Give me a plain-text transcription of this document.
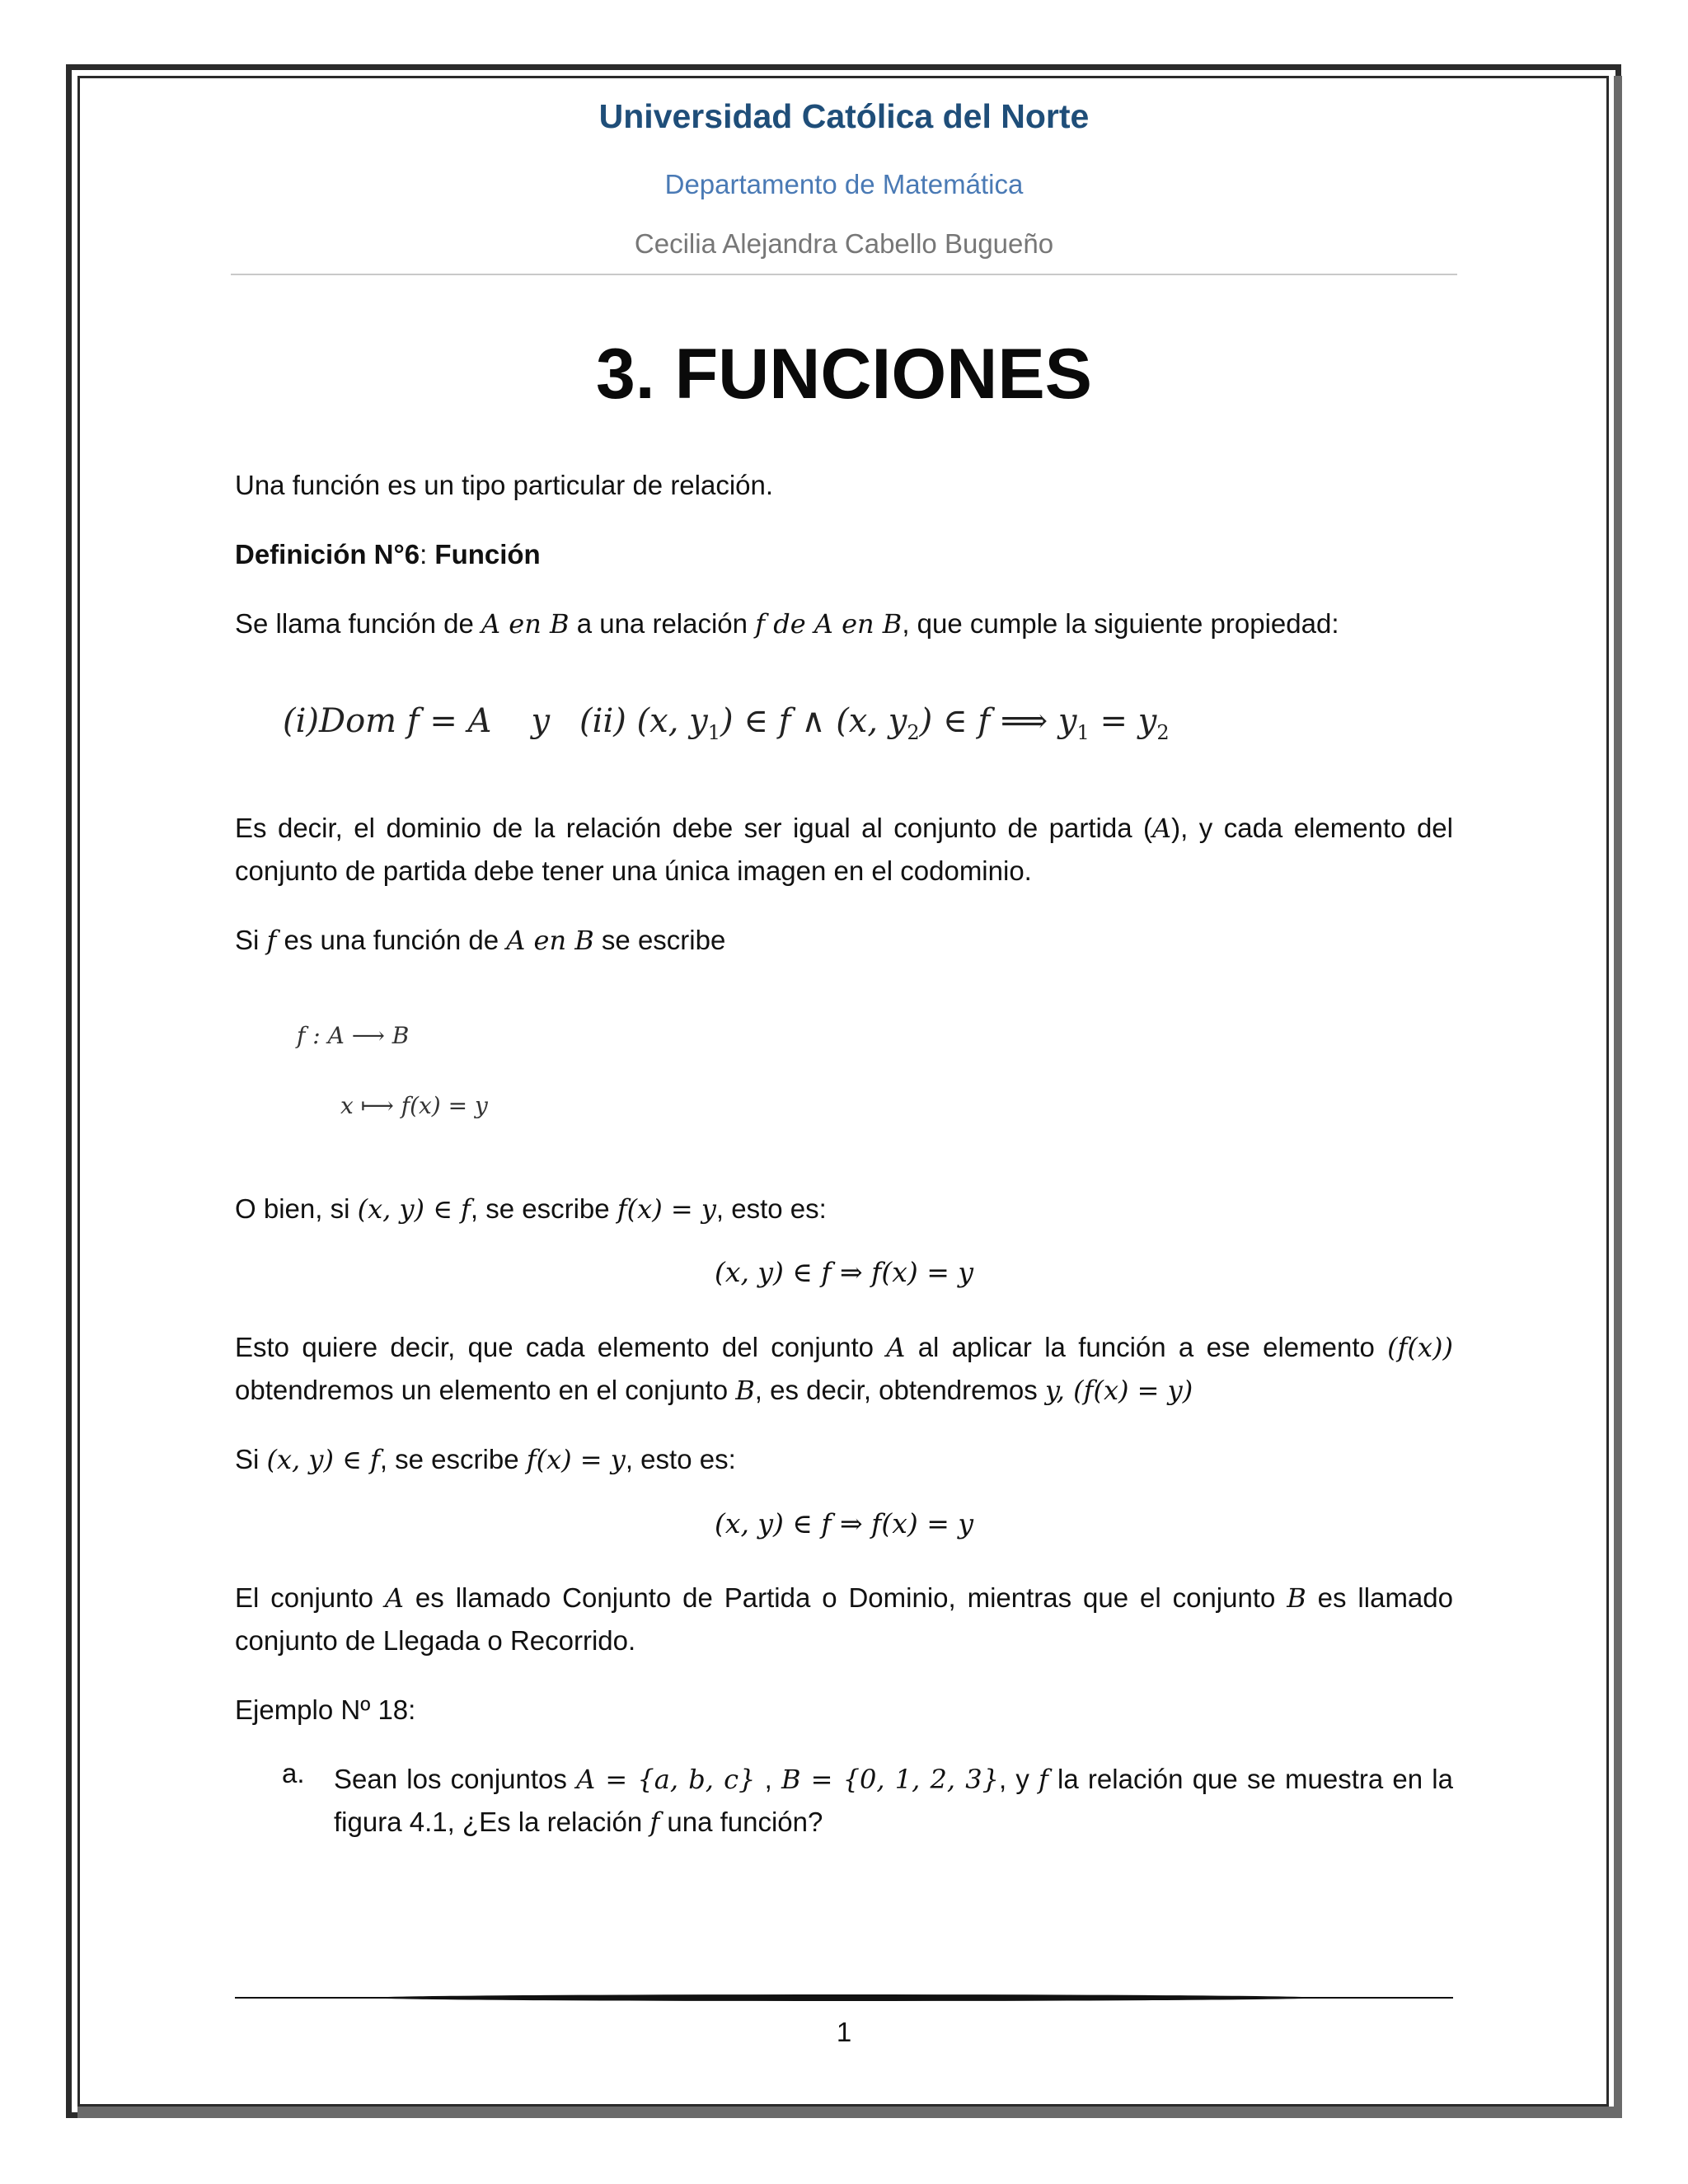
Universidad Católica del Norte
Departamento de Matemática
Cecilia Alejandra Cabello Bugueño
3. FUNCIONES
Una función es un tipo particular de relación.
Definición N°6: Función
Se llama función de A en B a una relación f de A en B, que cumple la siguiente propiedad:
(i)Dom f = A y (ii) (x, $y_1$) ∈ f ∧ (x, $y_2$) ∈ f ⟹ $y_1 = y_2$
Es decir, el dominio de la relación debe ser igual al conjunto de partida (A), y cada elemento del
conjunto de partida debe tener una única imagen en el codominio.
Si f es una función de A en B se escribe
f : A ⟶ B
x ⟼ f(x) = y
O bien, si (x, y) ∈ f, se escribe f(x) = y, esto es:
(x, y) ∈ f ⇒ f(x) = y
Esto quiere decir, que cada elemento del conjunto A al aplicar la función a ese elemento (f(x))
obtendremos un elemento en el conjunto B, es decir, obtendremos y, (f(x) = y)
Si (x, y) ∈ f, se escribe f(x) = y, esto es:
(x, y) ∈ f ⇒ f(x) = y
El conjunto A es llamado Conjunto de Partida o Dominio, mientras que el conjunto B es llamado
conjunto de Llegada o Recorrido.
Ejemplo Nº 18:
a. Sean los conjuntos A = {a, b, c} , B = {0, 1, 2, 3}, y f la relación que se muestra en la
figura 4.1, ¿Es la relación f una función?
1
